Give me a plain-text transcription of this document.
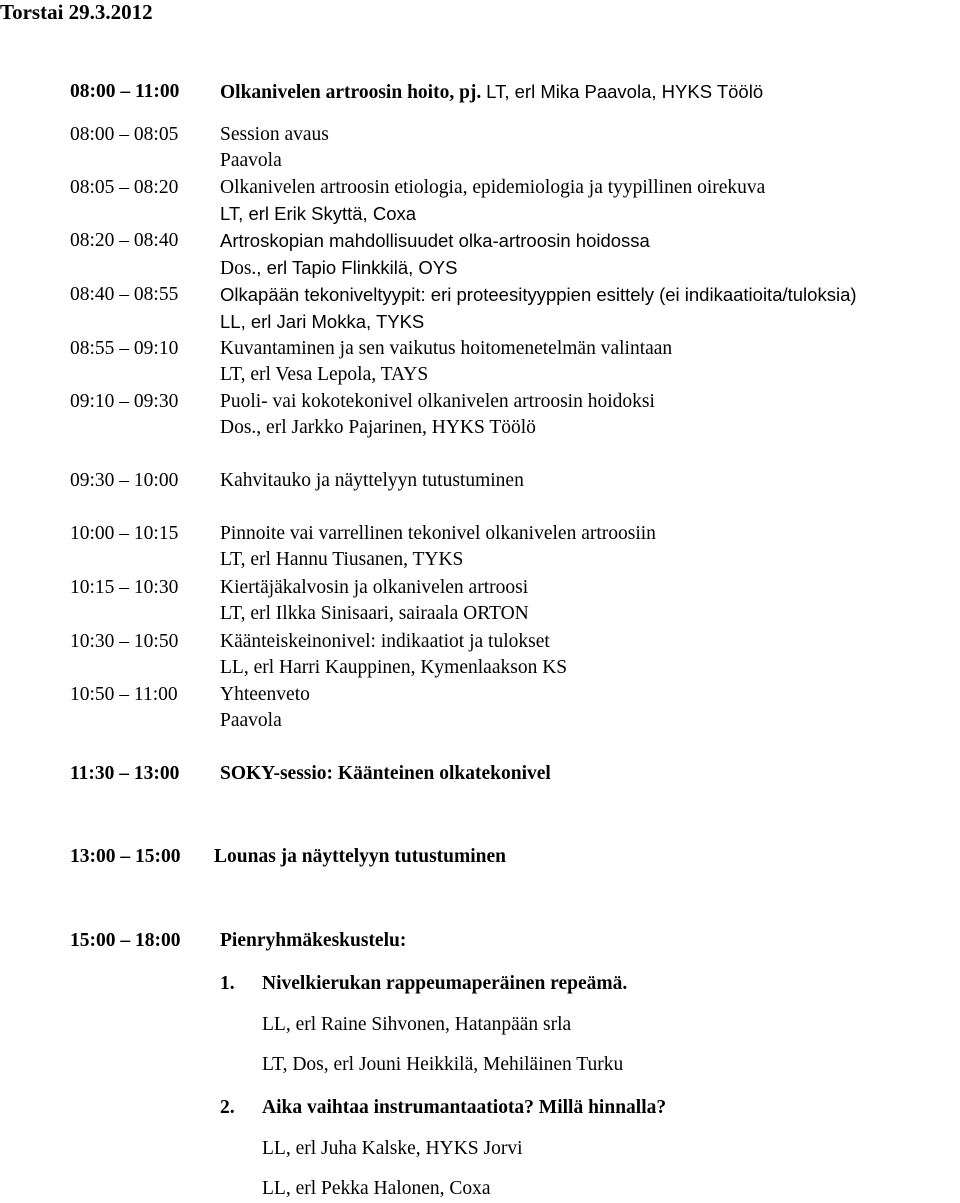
Torstai 29.3.2012
08:00 – 11:00 Olkanivelen artroosin hoito, pj. LT, erl Mika Paavola, HYKS Töölö
08:00 – 08:05 Session avaus
Paavola
08:05 – 08:20 Olkanivelen artroosin etiologia, epidemiologia ja tyypillinen oirekuva
LT, erl Erik Skyttä, Coxa
08:20 – 08:40 Artroskopian mahdollisuudet olka-artroosin hoidossa
Dos., erl Tapio Flinkkilä, OYS
08:40 – 08:55 Olkapään tekoniveltyypit: eri proteesityyppien esittely (ei indikaatioita/tuloksia)
LL, erl Jari Mokka, TYKS
08:55 – 09:10 Kuvantaminen ja sen vaikutus hoitomenetelmän valintaan
LT, erl Vesa Lepola, TAYS
09:10 – 09:30 Puoli- vai kokotekonivel olkanivelen artroosin hoidoksi
Dos., erl Jarkko Pajarinen, HYKS Töölö
09:30 – 10:00 Kahvitauko ja näyttelyyn tutustuminen
10:00 – 10:15 Pinnoite vai varrellinen tekonivel olkanivelen artroosiin
LT, erl Hannu Tiusanen, TYKS
10:15 – 10:30 Kiertäjäkalvosin ja olkanivelen artroosi
LT, erl Ilkka Sinisaari, sairaala ORTON
10:30 – 10:50 Käänteiskeinonivel: indikaatiot ja tulokset
LL, erl Harri Kauppinen, Kymenlaakson KS
10:50 – 11:00 Yhteenveto
Paavola
11:30 – 13:00 SOKY-sessio: Käänteinen olkatekonivel
13:00 – 15:00 Lounas ja näyttelyyn tutustuminen
15:00 – 18:00 Pienryhmäkeskustelu:
1. Nivelkierukan rappeumaperäinen repeämä.
LL, erl Raine Sihvonen, Hatanpään srla
LT, Dos, erl Jouni Heikkilä, Mehiläinen Turku
2. Aika vaihtaa instrumantaatiota? Millä hinnalla?
LL, erl Juha Kalske, HYKS Jorvi
LL, erl Pekka Halonen, Coxa
